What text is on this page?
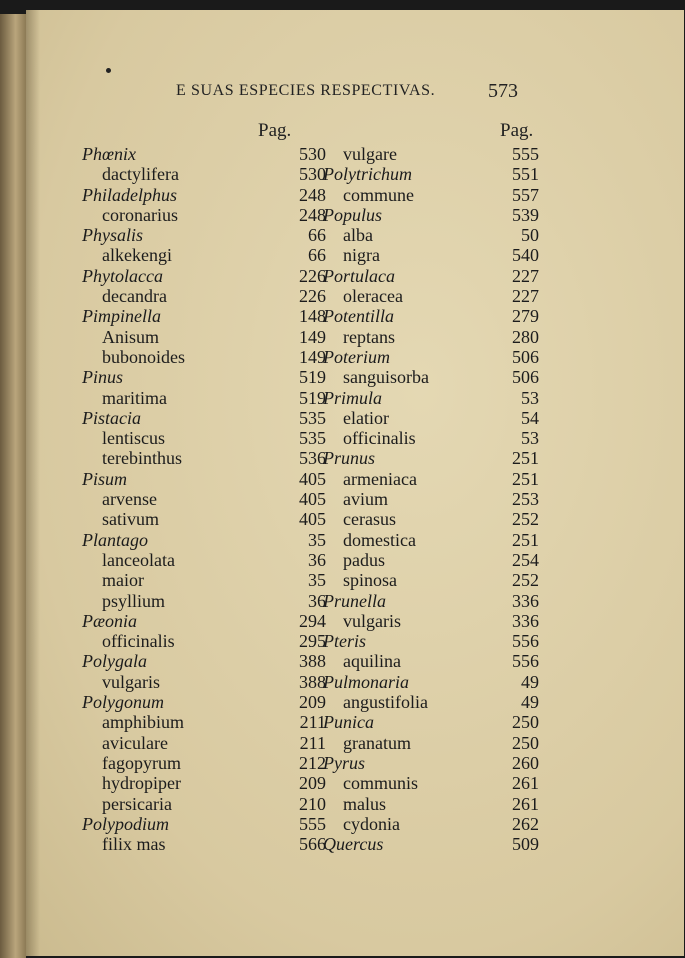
E SUAS ESPECIES RESPECTIVAS.	573
Pag.	Pag.
Phœnix	530
dactylifera	530
Philadelphus	248
coronarius	248
Physalis	66
alkekengi	66
Phytolacca	226
decandra	226
Pimpinella	148
Anisum	149
bubonoides	149
Pinus	519
maritima	519
Pistacia	535
lentiscus	535
terebinthus	536
Pisum	405
arvense	405
sativum	405
Plantago	35
lanceolata	36
maior	35
psyllium	36
Pæonia	294
officinalis	295
Polygala	388
vulgaris	388
Polygonum	209
amphibium	211
aviculare	211
fagopyrum	212
hydropiper	209
persicaria	210
Polypodium	555
filix mas	566
vulgare	555
Polytrichum	551
commune	557
Populus	539
alba	50
nigra	540
Portulaca	227
oleracea	227
Potentilla	279
reptans	280
Poterium	506
sanguisorba	506
Primula	53
elatior	54
officinalis	53
Prunus	251
armeniaca	251
avium	253
cerasus	252
domestica	251
padus	254
spinosa	252
Prunella	336
vulgaris	336
Pteris	556
aquilina	556
Pulmonaria	49
angustifolia	49
Punica	250
granatum	250
Pyrus	260
communis	261
malus	261
cydonia	262
Quercus	509
